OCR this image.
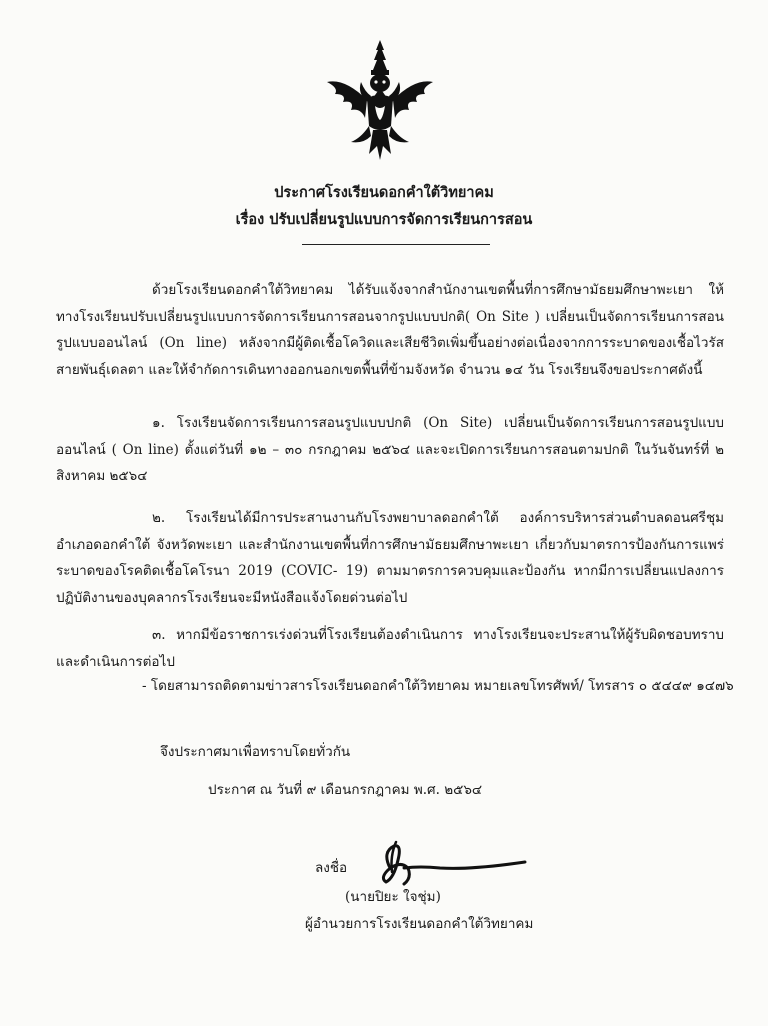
ประกาศโรงเรียนดอกคำใต้วิทยาคม
เรื่อง ปรับเปลี่ยนรูปแบบการจัดการเรียนการสอน
ด้วยโรงเรียนดอกคำใต้วิทยาคม ได้รับแจ้งจากสำนักงานเขตพื้นที่การศึกษามัธยมศึกษาพะเยา ให้ทางโรงเรียนปรับเปลี่ยนรูปแบบการจัดการเรียนการสอนจากรูปแบบปกติ( On Site ) เปลี่ยนเป็นจัดการเรียนการสอนรูปแบบออนไลน์ (On line) หลังจากมีผู้ติดเชื้อโควิดและเสียชีวิตเพิ่มขึ้นอย่างต่อเนื่องจากการระบาดของเชื้อไวรัสสายพันธุ์เดลตา และให้จำกัดการเดินทางออกนอกเขตพื้นที่ข้ามจังหวัด จำนวน ๑๔ วัน โรงเรียนจึงขอประกาศดังนี้
๑. โรงเรียนจัดการเรียนการสอนรูปแบบปกติ (On Site) เปลี่ยนเป็นจัดการเรียนการสอนรูปแบบออนไลน์ ( On line) ตั้งแต่วันที่ ๑๒ – ๓๐ กรกฎาคม ๒๕๖๔ และจะเปิดการเรียนการสอนตามปกติ ในวันจันทร์ที่ ๒ สิงหาคม ๒๕๖๔
๒. โรงเรียนได้มีการประสานงานกับโรงพยาบาลดอกคำใต้ องค์การบริหารส่วนตำบลดอนศรีชุม อำเภอดอกคำใต้ จังหวัดพะเยา และสำนักงานเขตพื้นที่การศึกษามัธยมศึกษาพะเยา เกี่ยวกับมาตรการป้องกันการแพร่ระบาดของโรคติดเชื้อโคโรนา 2019 (COVIC- 19) ตามมาตรการควบคุมและป้องกัน หากมีการเปลี่ยนแปลงการปฏิบัติงานของบุคลากรโรงเรียนจะมีหนังสือแจ้งโดยด่วนต่อไป
๓. หากมีข้อราชการเร่งด่วนที่โรงเรียนต้องดำเนินการ ทางโรงเรียนจะประสานให้ผู้รับผิดชอบทราบและดำเนินการต่อไป
- โดยสามารถติดตามข่าวสารโรงเรียนดอกคำใต้วิทยาคม หมายเลขโทรศัพท์/ โทรสาร ๐ ๕๔๔๙ ๑๔๗๖
จึงประกาศมาเพื่อทราบโดยทั่วกัน
ประกาศ ณ วันที่ ๙ เดือนกรกฎาคม พ.ศ. ๒๕๖๔
ลงชื่อ
(นายปิยะ ใจชุ่ม)
ผู้อำนวยการโรงเรียนดอกคำใต้วิทยาคม
